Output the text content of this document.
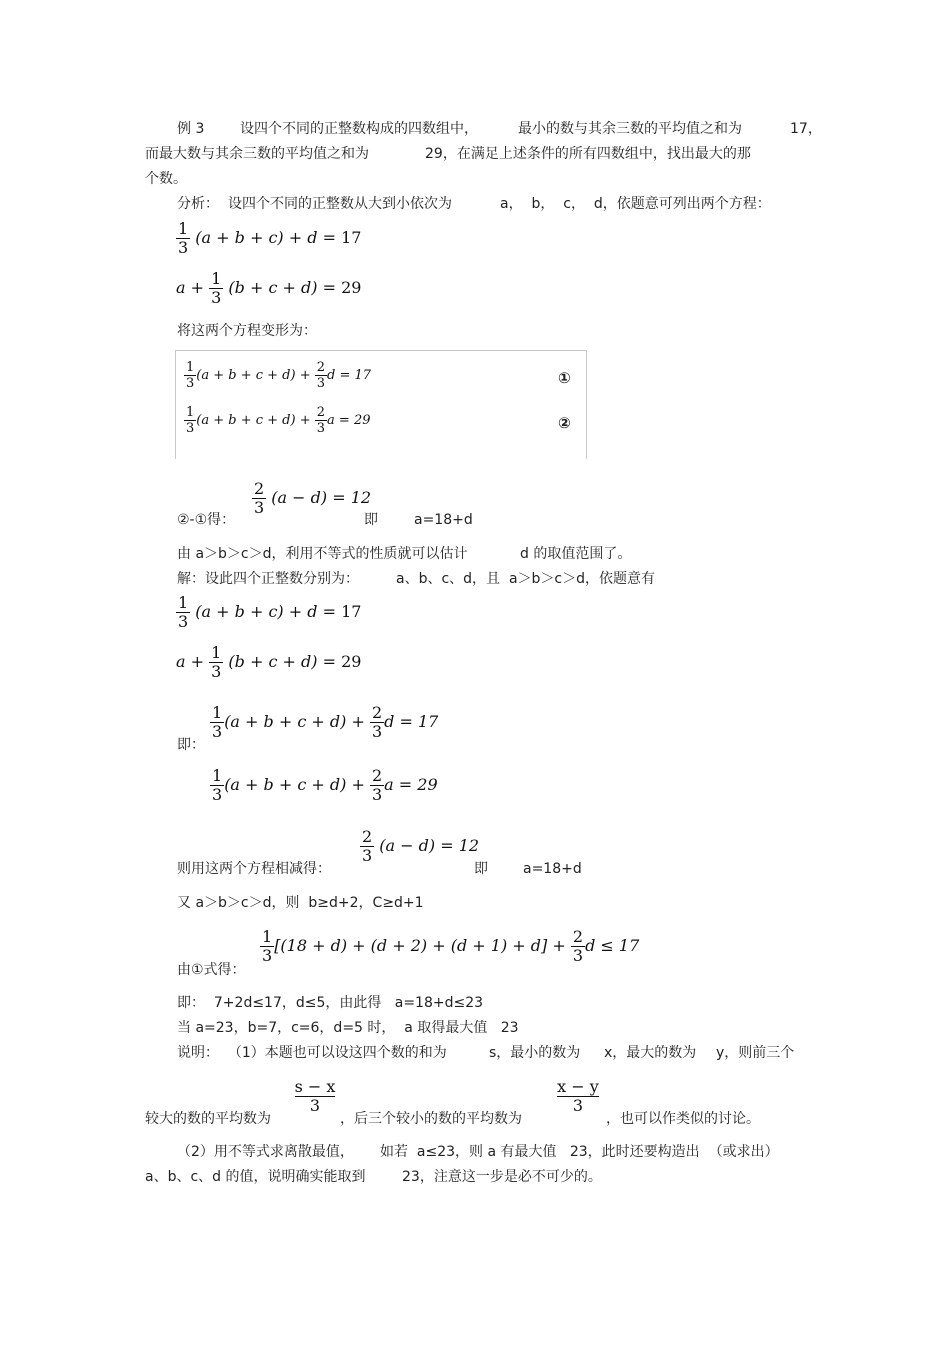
例 3	设四个不同的正整数构成的四数组中，	最小的数与其余三数的平均值之和为	17，
而最大数与其余三数的平均值之和为	29，在满足上述条件的所有四数组中，找出最大的那
个数。
分析： 设四个不同的正整数从大到小依次为	a，  b，  c，  d，依题意可列出两个方程：
$\frac{1}{3} (a + b + c) + d = 17$
$a + \frac{1}{3} (b + c + d) = 29$
将这两个方程变形为：
$\frac{1}{3} (a + b + c + d) + \frac{2}{3}$ d = 17	①
$\frac{1}{3} (a + b + c + d) + \frac{2}{3}$ a = 29	②
②-①得：
$\frac{2}{3} (a - d) = 12$
即	a=18+d
由 a＞b＞c＞d，利用不等式的性质就可以估计	d 的取值范围了。
解：设此四个正整数分别为：	a、b、c、d，且  a＞b＞c＞d，依题意有
$\frac{1}{3} (a + b + c) + d = 17$
$a + \frac{1}{3} (b + c + d) = 29$
即：
$\frac{1}{3} (a + b + c + d) + \frac{2}{3}$ d = 17
$\frac{1}{3} (a + b + c + d) + \frac{2}{3}$ a = 29
则用这两个方程相减得：
$\frac{2}{3} (a - d) = 12$
即	a=18+d
又 a＞b＞c＞d，则  b≥d+2，C≥d+1
由①式得：
$\frac{1}{3} [(18 + d) + (d + 2) + (d + 1) + d] + \frac{2}{3}$ d ≤ 17
即：  7+2d≤17，d≤5，由此得   a=18+d≤23
当 a=23，b=7，c=6，d=5 时，  a 取得最大值   23
说明：  （1）本题也可以设这四个数的和为	s，最小的数为 x，最大的数为 y，则前三个
$\frac{s - x}{3}$	$\frac{x - y}{3}$
较大的数的平均数为	，后三个较小的数的平均数为	，也可以作类似的讨论。
（2）用不等式求离散最值， 如若  a≤23，则 a 有最大值   23，此时还要构造出  （或求出）
a、b、c、d 的值，说明确实能取到	23，注意这一步是必不可少的。
